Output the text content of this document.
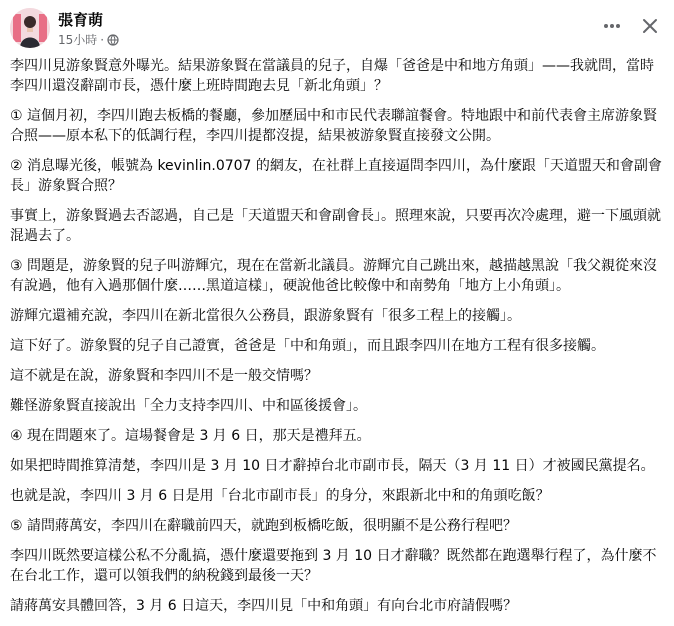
張育萌
15小時 ·

李四川見游象賢意外曝光。結果游象賢在當議員的兒子，自爆「爸爸是中和地方角頭」——我就問，當時李四川還沒辭副市長，憑什麼上班時間跑去見「新北角頭」？

① 這個月初，李四川跑去板橋的餐廳，參加歷屆中和市民代表聯誼餐會。特地跟中和前代表會主席游象賢合照——原本私下的低調行程，李四川提都沒提，結果被游象賢直接發文公開。

② 消息曝光後，帳號為 kevinlin.0707 的網友，在社群上直接逼問李四川，為什麼跟「天道盟天和會副會長」游象賢合照？

事實上，游象賢過去否認過，自己是「天道盟天和會副會長」。照理來說，只要再次冷處理，避一下風頭就混過去了。

③ 問題是，游象賢的兒子叫游輝宂，現在在當新北議員。游輝宂自己跳出來，越描越黑說「我父親從來沒有說過，他有入過那個什麼……黑道這樣」，硬說他爸比較像中和南勢角「地方上小角頭」。

游輝宂還補充說，李四川在新北當很久公務員，跟游象賢有「很多工程上的接觸」。

這下好了。游象賢的兒子自己證實，爸爸是「中和角頭」，而且跟李四川在地方工程有很多接觸。

這不就是在說，游象賢和李四川不是一般交情嗎？

難怪游象賢直接說出「全力支持李四川、中和區後援會」。

④ 現在問題來了。這場餐會是 3 月 6 日，那天是禮拜五。

如果把時間推算清楚，李四川是 3 月 10 日才辭掉台北市副市長，隔天（3 月 11 日）才被國民黨提名。

也就是說，李四川 3 月 6 日是用「台北市副市長」的身分，來跟新北中和的角頭吃飯？

⑤ 請問蔣萬安，李四川在辭職前四天，就跑到板橋吃飯，很明顯不是公務行程吧？

李四川既然要這樣公私不分亂搞，憑什麼還要拖到 3 月 10 日才辭職？既然都在跑選舉行程了，為什麼不在台北工作，還可以領我們的納稅錢到最後一天？

請蔣萬安具體回答，3 月 6 日這天，李四川見「中和角頭」有向台北市府請假嗎？
